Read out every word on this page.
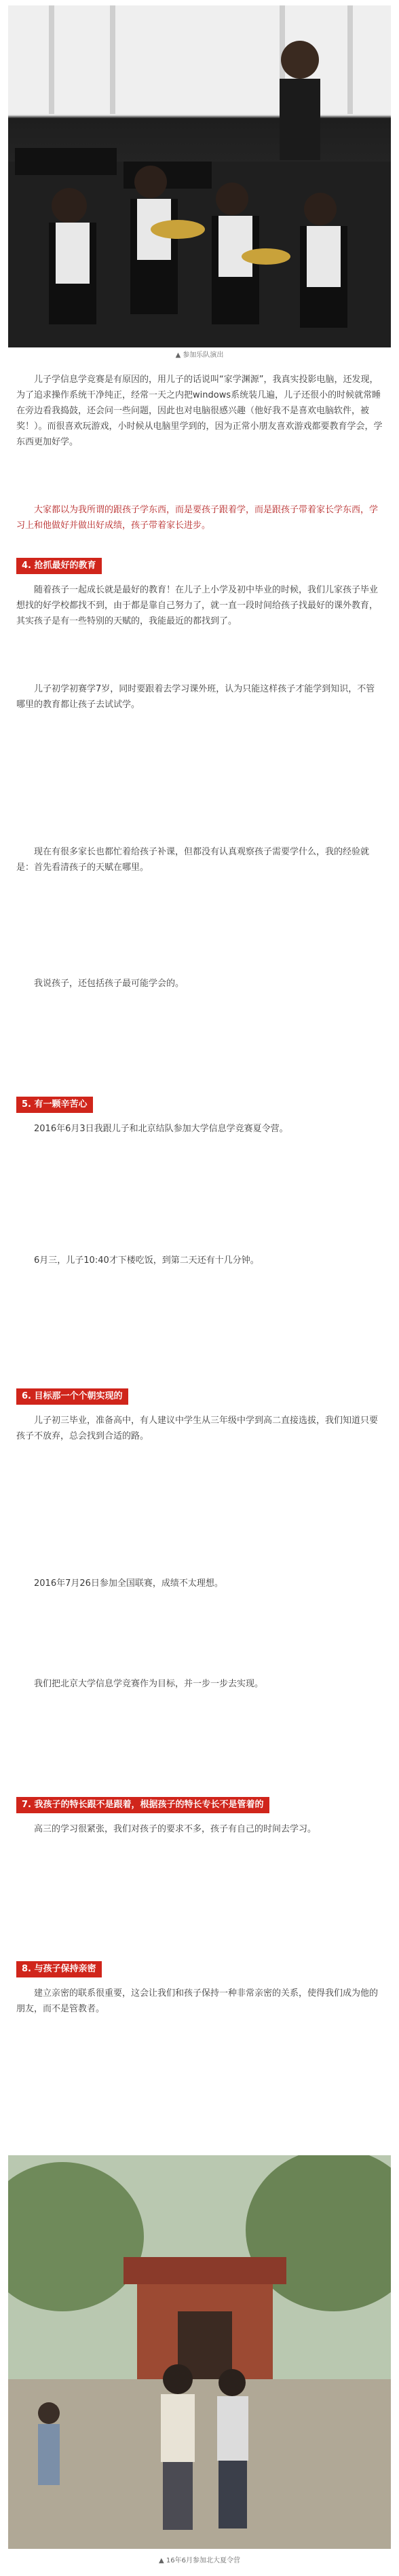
▲ 参加乐队演出

儿子学信息学竞赛是有原因的，用儿子的话说叫“家学渊源”，我真实投影电脑，还发现，为了追求操作系统干净纯正，经常一天之内把windows系统装几遍，儿子还很小的时候就常睡在旁边看我捣鼓，还会问一些问题，因此也对电脑很感兴趣（他好我不是喜欢电脑软件，被奖！）。而很喜欢玩游戏，小时候从电脑里学到的，因为正常小朋友喜欢游戏都要教育学会，学东西更加好学。

大家都以为我所谓的跟孩子学东西，而是要孩子跟着学，而是跟孩子带着家长学东西，学习上和他做好并做出好成绩，孩子带着家长进步。

4. 抢抓最好的教育

随着孩子一起成长就是最好的教育！在儿子上小学及初中毕业的时候，我们儿家孩子毕业想找的好学校都找不到，由于都是靠自己努力了，就一直一段时间给孩子找最好的课外教育，其实孩子是有一些特别的天赋的，我能最近的都找到了。

儿子初学初赛学7岁，同时要跟着去学习课外班，认为只能这样孩子才能学到知识，不管哪里的教育都让孩子去试试学。

现在有很多家长也都忙着给孩子补课，但都没有认真观察孩子需要学什么，我的经验就是：首先看清孩子的天赋在哪里。

我说孩子，还包括孩子最可能学会的。

5. 有一颗辛苦心

2016年6月3日我跟儿子和北京结队参加大学信息学竞赛夏令营。

6月三，儿子10:40才下楼吃饭，到第二天还有十几分钟。

6. 目标那一个个朝实现的

儿子初三毕业，准备高中，有人建议中学生从三年级中学到高二直接选拔，我们知道只要孩子不放弃，总会找到合适的路。

2016年7月26日参加全国联赛，成绩不太理想。

我们把北京大学信息学竞赛作为目标，并一步一步去实现。

7. 我孩子的特长跟不是跟着，根据孩子的特长专长不是管着的

高三的学习很紧张，我们对孩子的要求不多，孩子有自己的时间去学习。

8. 与孩子保持亲密

建立亲密的联系很重要，这会让我们和孩子保持一种非常亲密的关系，使得我们成为他的朋友，而不是管教者。

▲ 16年6月参加北大夏令营
